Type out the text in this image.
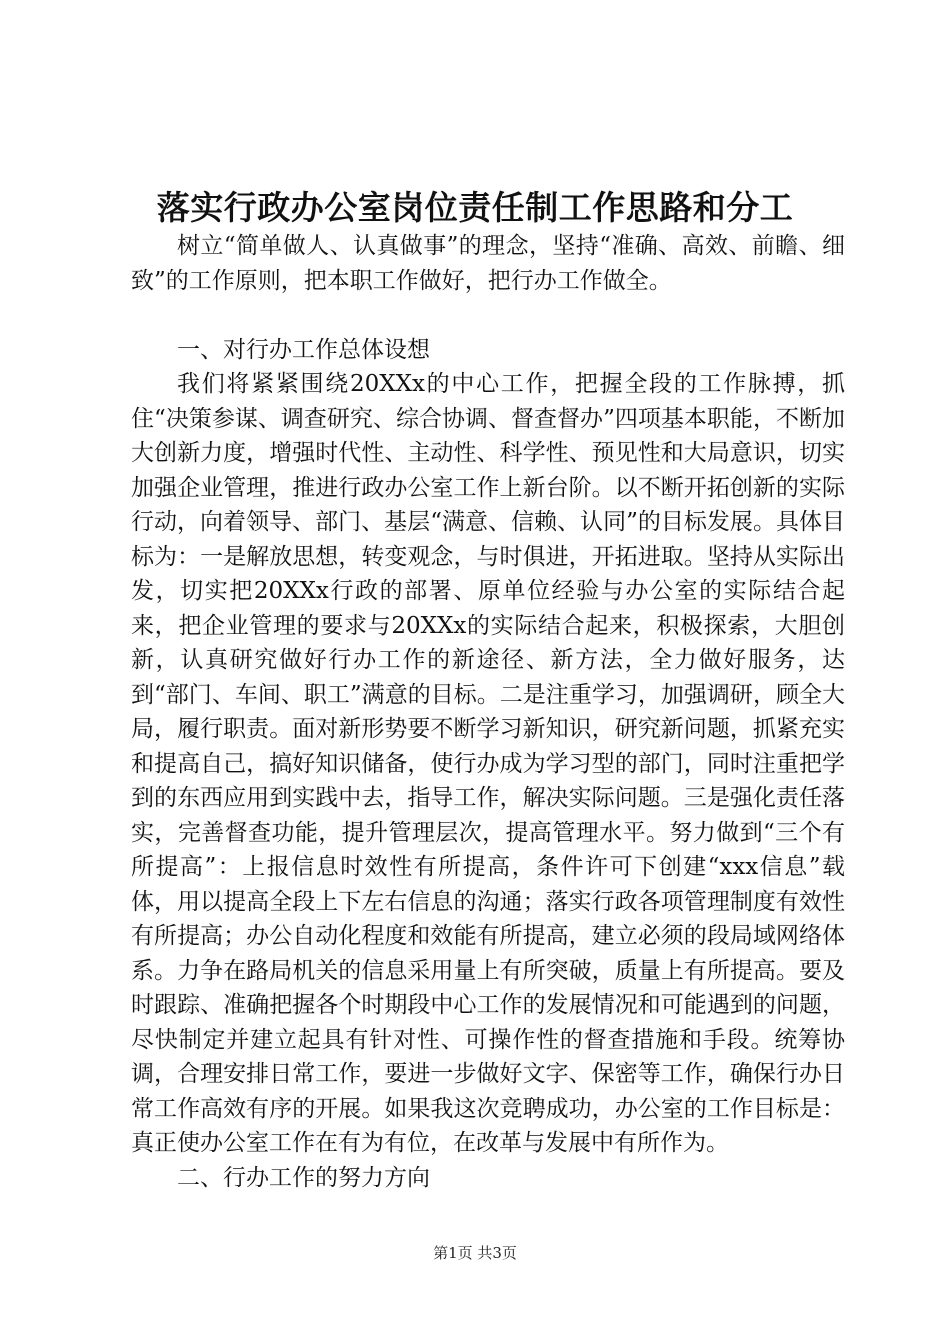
落实行政办公室岗位责任制工作思路和分工

树立“简单做人、认真做事”的理念，坚持“准确、高效、前瞻、细致”的工作原则，把本职工作做好，把行办工作做全。

一、对行办工作总体设想

我们将紧紧围绕20XXx的中心工作，把握全段的工作脉搏，抓住“决策参谋、调查研究、综合协调、督查督办”四项基本职能，不断加大创新力度，增强时代性、主动性、科学性、预见性和大局意识，切实加强企业管理，推进行政办公室工作上新台阶。以不断开拓创新的实际行动，向着领导、部门、基层“满意、信赖、认同”的目标发展。具体目标为：一是解放思想，转变观念，与时俱进，开拓进取。坚持从实际出发，切实把20XXx行政的部署、原单位经验与办公室的实际结合起来，把企业管理的要求与20XXx的实际结合起来，积极探索，大胆创新，认真研究做好行办工作的新途径、新方法，全力做好服务，达到“部门、车间、职工”满意的目标。二是注重学习，加强调研，顾全大局，履行职责。面对新形势要不断学习新知识，研究新问题，抓紧充实和提高自己，搞好知识储备，使行办成为学习型的部门，同时注重把学到的东西应用到实践中去，指导工作，解决实际问题。三是强化责任落实，完善督查功能，提升管理层次，提高管理水平。努力做到“三个有所提高”：上报信息时效性有所提高，条件许可下创建“xxx信息”载体，用以提高全段上下左右信息的沟通；落实行政各项管理制度有效性有所提高；办公自动化程度和效能有所提高，建立必须的段局域网络体系。力争在路局机关的信息采用量上有所突破，质量上有所提高。要及时跟踪、准确把握各个时期段中心工作的发展情况和可能遇到的问题，尽快制定并建立起具有针对性、可操作性的督查措施和手段。统筹协调，合理安排日常工作，要进一步做好文字、保密等工作，确保行办日常工作高效有序的开展。如果我这次竞聘成功，办公室的工作目标是：真正使办公室工作在有为有位，在改革与发展中有所作为。

二、行办工作的努力方向

第1页 共3页
